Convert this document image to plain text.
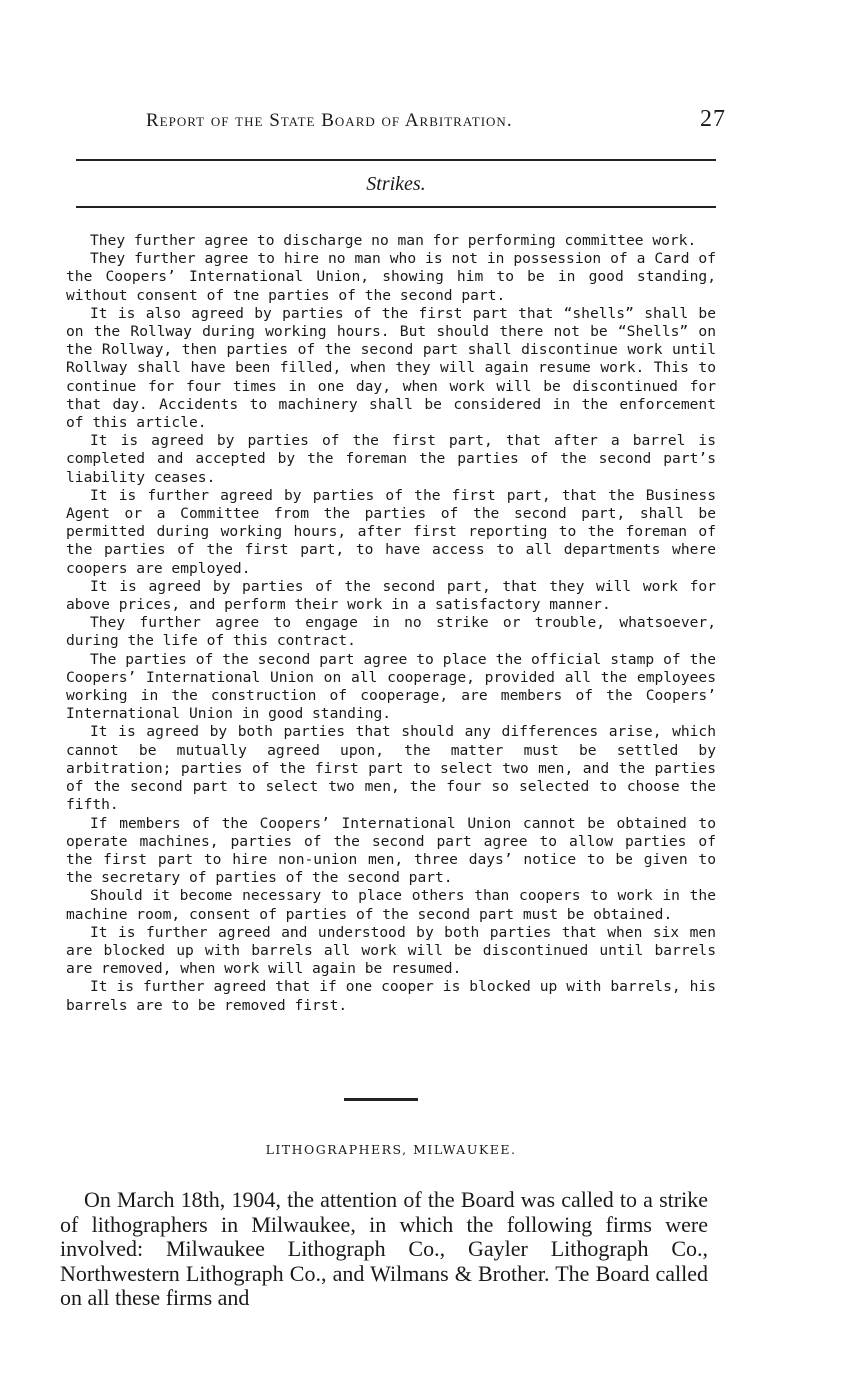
Report of the State Board of Arbitration.	27
Strikes.

They further agree to discharge no man for performing committee work.

They further agree to hire no man who is not in possession of a Card of the Coopers’ International Union, showing him to be in good standing, without consent of tne parties of the second part.

It is also agreed by parties of the first part that “shells” shall be on the Rollway during working hours. But should there not be “Shells” on the Rollway, then parties of the second part shall discontinue work until Rollway shall have been filled, when they will again resume work. This to continue for four times in one day, when work will be discontinued for that day. Accidents to machinery shall be considered in the enforcement of this article.

It is agreed by parties of the first part, that after a barrel is completed and accepted by the foreman the parties of the second part’s liability ceases.

It is further agreed by parties of the first part, that the Business Agent or a Committee from the parties of the second part, shall be permitted during working hours, after first reporting to the foreman of the parties of the first part, to have access to all departments where coopers are employed.

It is agreed by parties of the second part, that they will work for above prices, and perform their work in a satisfactory manner.

They further agree to engage in no strike or trouble, whatsoever, during the life of this contract.

The parties of the second part agree to place the official stamp of the Coopers’ International Union on all cooperage, provided all the employees working in the construction of cooperage, are members of the Coopers’ International Union in good standing.

It is agreed by both parties that should any differences arise, which cannot be mutually agreed upon, the matter must be settled by arbitration; parties of the first part to select two men, and the parties of the second part to select two men, the four so selected to choose the fifth.

If members of the Coopers’ International Union cannot be obtained to operate machines, parties of the second part agree to allow parties of the first part to hire non-union men, three days’ notice to be given to the secretary of parties of the second part.

Should it become necessary to place others than coopers to work in the machine room, consent of parties of the second part must be obtained.

It is further agreed and understood by both parties that when six men are blocked up with barrels all work will be discontinued until barrels are removed, when work will again be resumed.

It is further agreed that if one cooper is blocked up with barrels, his barrels are to be removed first.

LITHOGRAPHERS, MILWAUKEE.

On March 18th, 1904, the attention of the Board was called to a strike of lithographers in Milwaukee, in which the following firms were involved: Milwaukee Lithograph Co., Gayler Lithograph Co., Northwestern Lithograph Co., and Wilmans & Brother. The Board called on all these firms and
